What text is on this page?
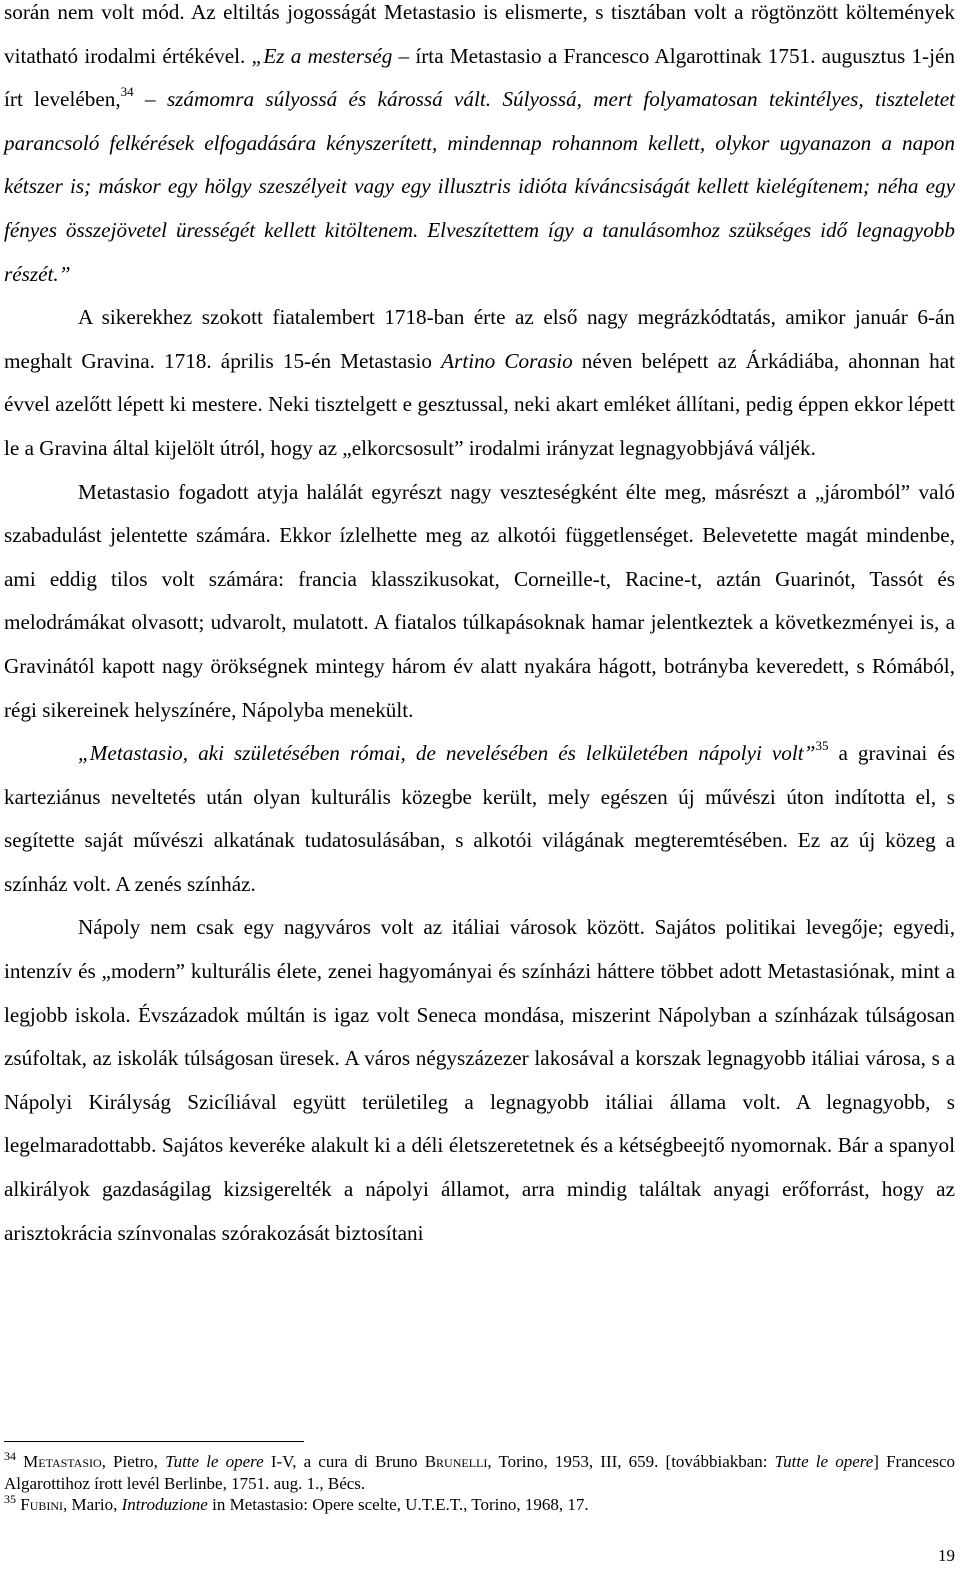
során nem volt mód. Az eltiltás jogosságát Metastasio is elismerte, s tisztában volt a rögtönzött költemények vitatható irodalmi értékével. „Ez a mesterség – írta Metastasio a Francesco Algarottinak 1751. augusztus 1-jén írt levelében,$^{34}$ – számomra súlyossá és károssá vált. Súlyossá, mert folyamatosan tekintélyes, tiszteletet parancsoló felkérések elfogadására kényszerített, mindennap rohannom kellett, olykor ugyanazon a napon kétszer is; máskor egy hölgy szeszélyeit vagy egy illusztris idióta kíváncsiságát kellett kielégítenem; néha egy fényes összejövetel ürességét kellett kitöltenem. Elveszítettem így a tanulásomhoz szükséges idő legnagyobb részét.”

A sikerekhez szokott fiatalembert 1718-ban érte az első nagy megrázkódtatás, amikor január 6-án meghalt Gravina. 1718. április 15-én Metastasio Artino Corasio néven belépett az Árkádiába, ahonnan hat évvel azelőtt lépett ki mestere. Neki tisztelgett e gesztussal, neki akart emléket állítani, pedig éppen ekkor lépett le a Gravina által kijelölt útról, hogy az „elkorcsosult” irodalmi irányzat legnagyobbjává váljék.

Metastasio fogadott atyja halálát egyrészt nagy veszteségként élte meg, másrészt a „járomból” való szabadulást jelentette számára. Ekkor ízlelhette meg az alkotói függetlenséget. Belevetette magát mindenbe, ami eddig tilos volt számára: francia klasszikusokat, Corneille-t, Racine-t, aztán Guarinót, Tassót és melodrámákat olvasott; udvarolt, mulatott. A fiatalos túlkapásoknak hamar jelentkeztek a következményei is, a Gravinától kapott nagy örökségnek mintegy három év alatt nyakára hágott, botrányba keveredett, s Rómából, régi sikereinek helyszínére, Nápolyba menekült.

„Metastasio, aki születésében római, de nevelésében és lelkületében nápolyi volt”$^{35}$ a gravinai és karteziánus neveltetés után olyan kulturális közegbe került, mely egészen új művészi úton indította el, s segítette saját művészi alkatának tudatosulásában, s alkotói világának megteremtésében. Ez az új közeg a színház volt. A zenés színház.

Nápoly nem csak egy nagyváros volt az itáliai városok között. Sajátos politikai levegője; egyedi, intenzív és „modern” kulturális élete, zenei hagyományai és színházi háttere többet adott Metastasiónak, mint a legjobb iskola. Évszázadok múltán is igaz volt Seneca mondása, miszerint Nápolyban a színházak túlságosan zsúfoltak, az iskolák túlságosan üresek. A város négyszázezer lakosával a korszak legnagyobb itáliai városa, s a Nápolyi Királyság Szicíliával együtt területileg a legnagyobb itáliai állama volt. A legnagyobb, s legelmaradottabb. Sajátos keveréke alakult ki a déli életszeretetnek és a kétségbeejtő nyomornak. Bár a spanyol alkirályok gazdaságilag kizsigerelték a nápolyi államot, arra mindig találtak anyagi erőforrást, hogy az arisztokrácia színvonalas szórakozását biztosítani

$^{34}$ Metastasio, Pietro, Tutte le opere I-V, a cura di Bruno Brunelli, Torino, 1953, III, 659. [továbbiakban: Tutte le opere] Francesco Algarottihoz írott levél Berlinbe, 1751. aug. 1., Bécs.

$^{35}$ Fubini, Mario, Introduzione in Metastasio: Opere scelte, U.T.E.T., Torino, 1968, 17.

19
